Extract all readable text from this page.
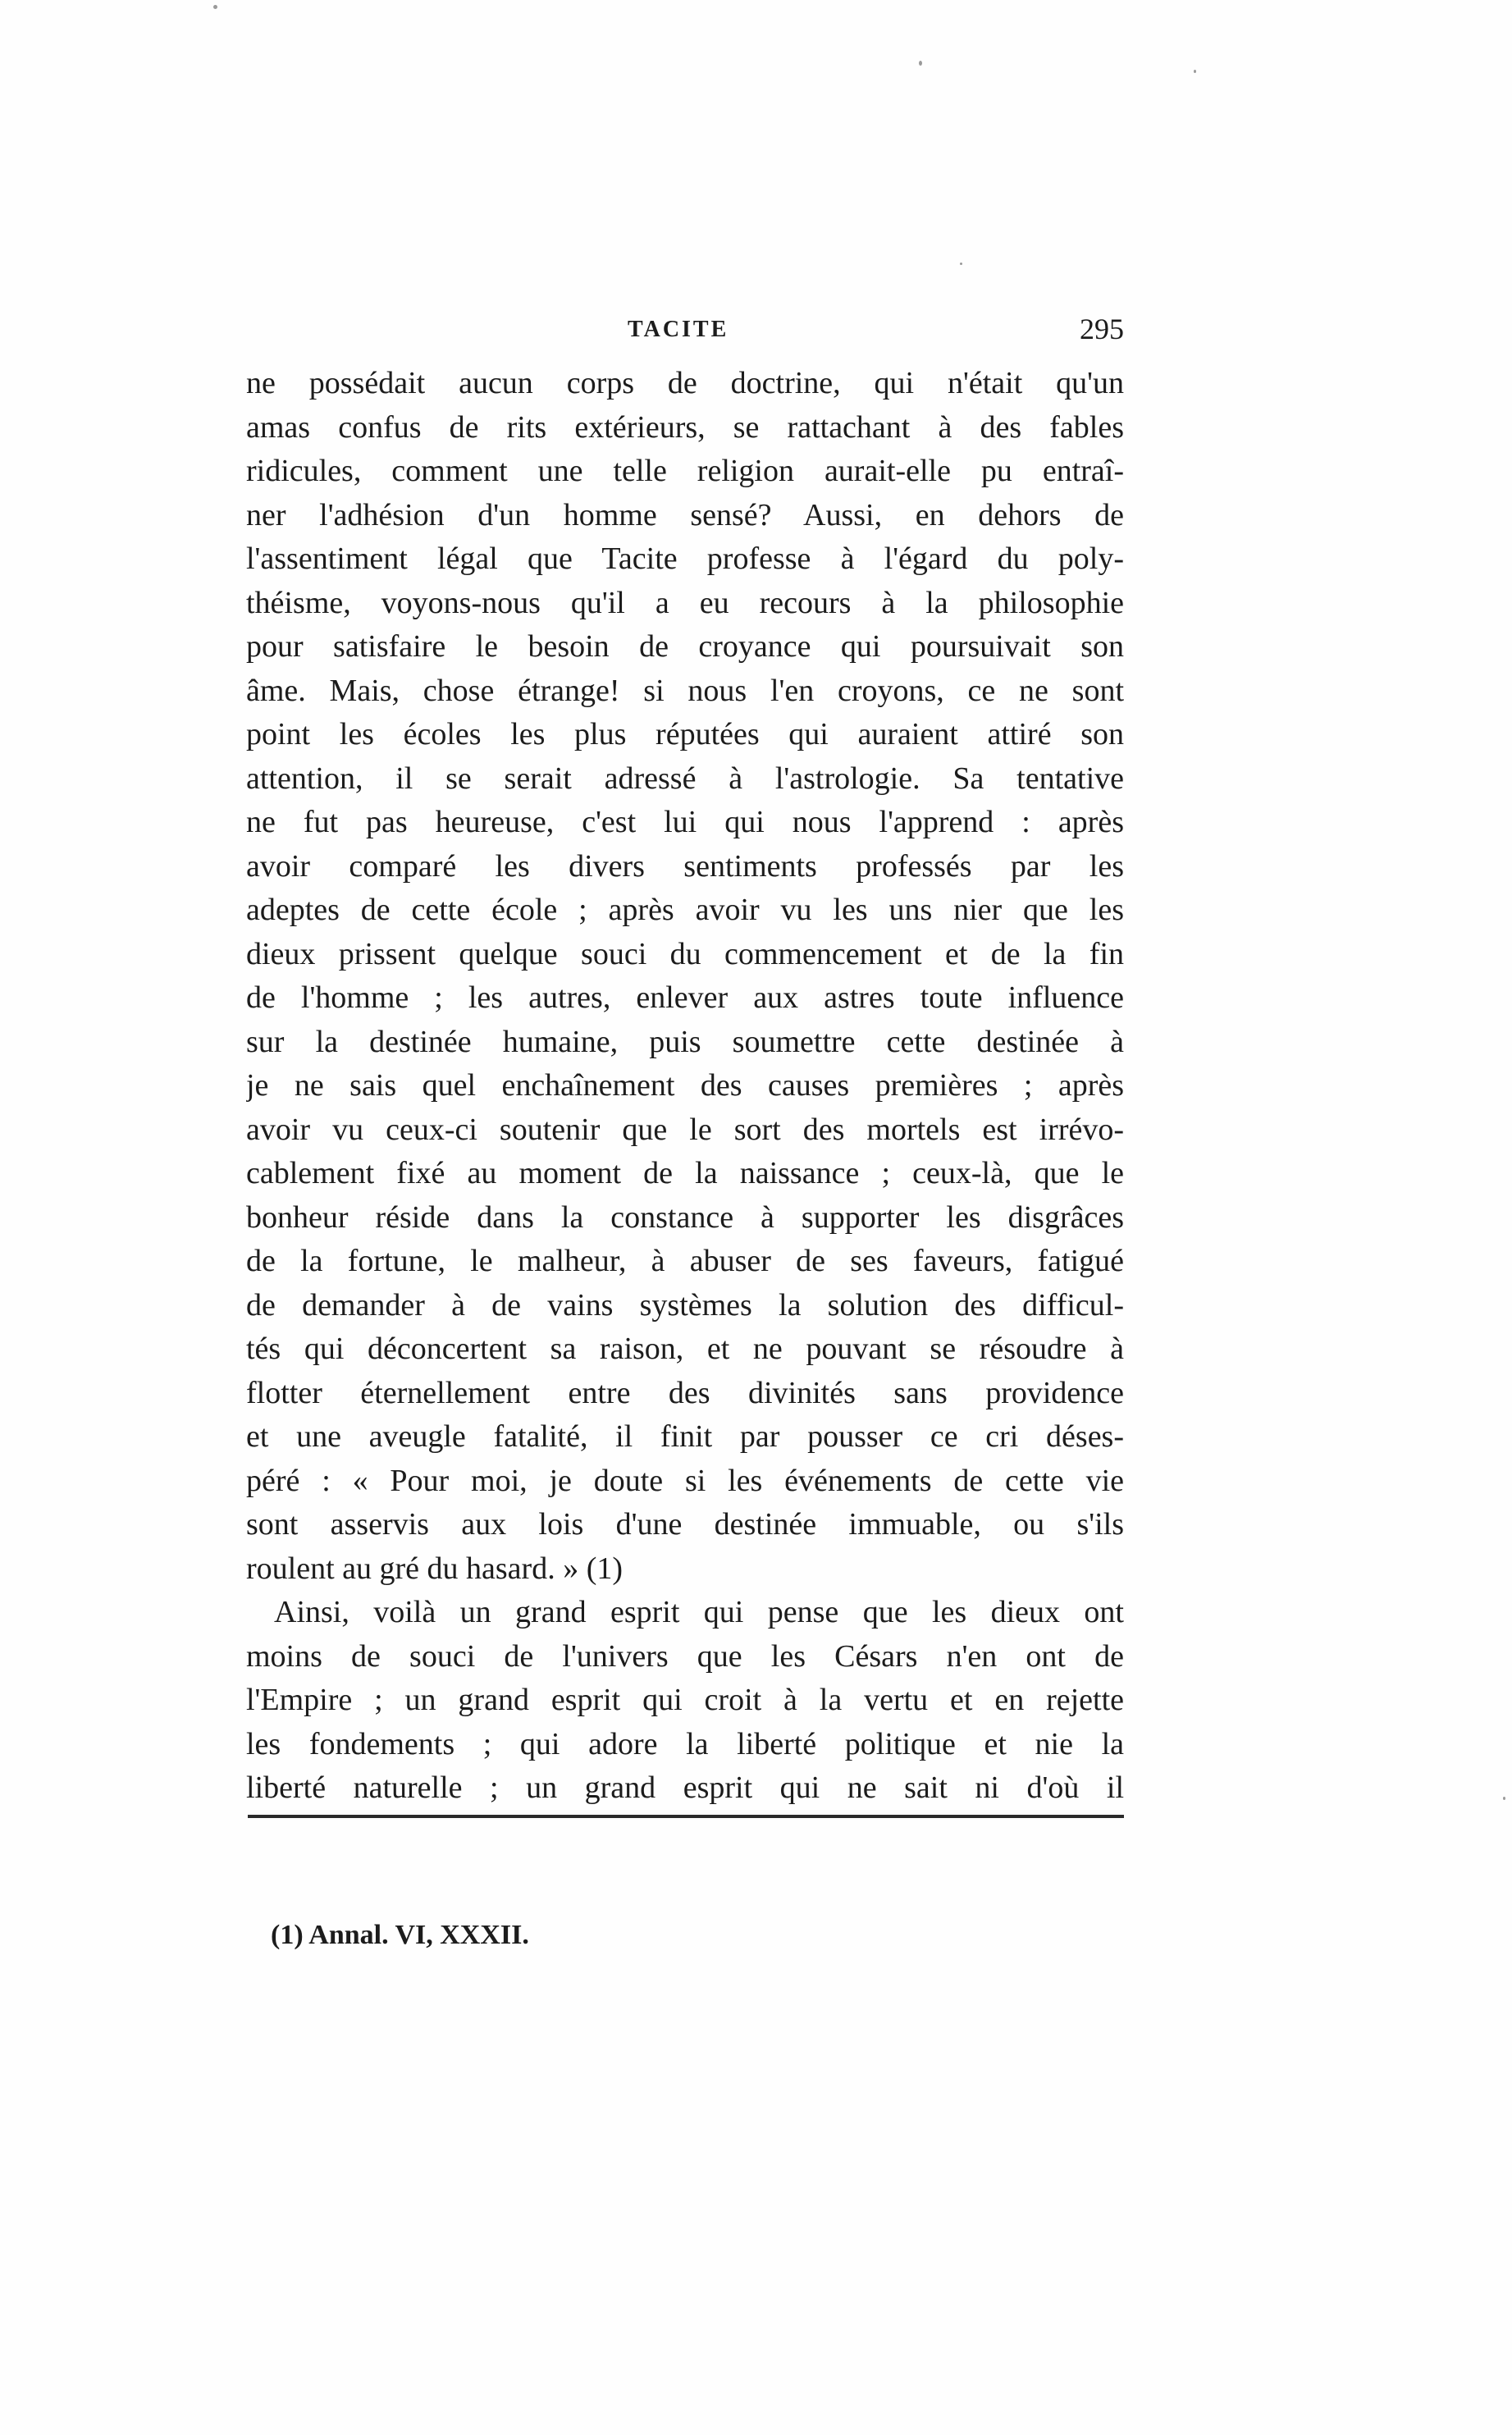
TACITE	295
ne possédait aucun corps de doctrine, qui n'était qu'un
amas confus de rits extérieurs, se rattachant à des fables
ridicules, comment une telle religion aurait-elle pu entraî-
ner l'adhésion d'un homme sensé? Aussi, en dehors de
l'assentiment légal que Tacite professe à l'égard du poly-
théisme, voyons-nous qu'il a eu recours à la philosophie
pour satisfaire le besoin de croyance qui poursuivait son
âme. Mais, chose étrange! si nous l'en croyons, ce ne sont
point les écoles les plus réputées qui auraient attiré son
attention, il se serait adressé à l'astrologie. Sa tentative
ne fut pas heureuse, c'est lui qui nous l'apprend : après
avoir comparé les divers sentiments professés par les
adeptes de cette école ; après avoir vu les uns nier que les
dieux prissent quelque souci du commencement et de la fin
de l'homme ; les autres, enlever aux astres toute influence
sur la destinée humaine, puis soumettre cette destinée à
je ne sais quel enchaînement des causes premières ; après
avoir vu ceux-ci soutenir que le sort des mortels est irrévo-
cablement fixé au moment de la naissance ; ceux-là, que le
bonheur réside dans la constance à supporter les disgrâces
de la fortune, le malheur, à abuser de ses faveurs, fatigué
de demander à de vains systèmes la solution des difficul-
tés qui déconcertent sa raison, et ne pouvant se résoudre à
flotter éternellement entre des divinités sans providence
et une aveugle fatalité, il finit par pousser ce cri déses-
péré : « Pour moi, je doute si les événements de cette vie
sont asservis aux lois d'une destinée immuable, ou s'ils
roulent au gré du hasard. » (1)
Ainsi, voilà un grand esprit qui pense que les dieux ont
moins de souci de l'univers que les Césars n'en ont de
l'Empire ; un grand esprit qui croit à la vertu et en rejette
les fondements ; qui adore la liberté politique et nie la
liberté naturelle ; un grand esprit qui ne sait ni d'où il
(1) Annal. VI, XXXII.
